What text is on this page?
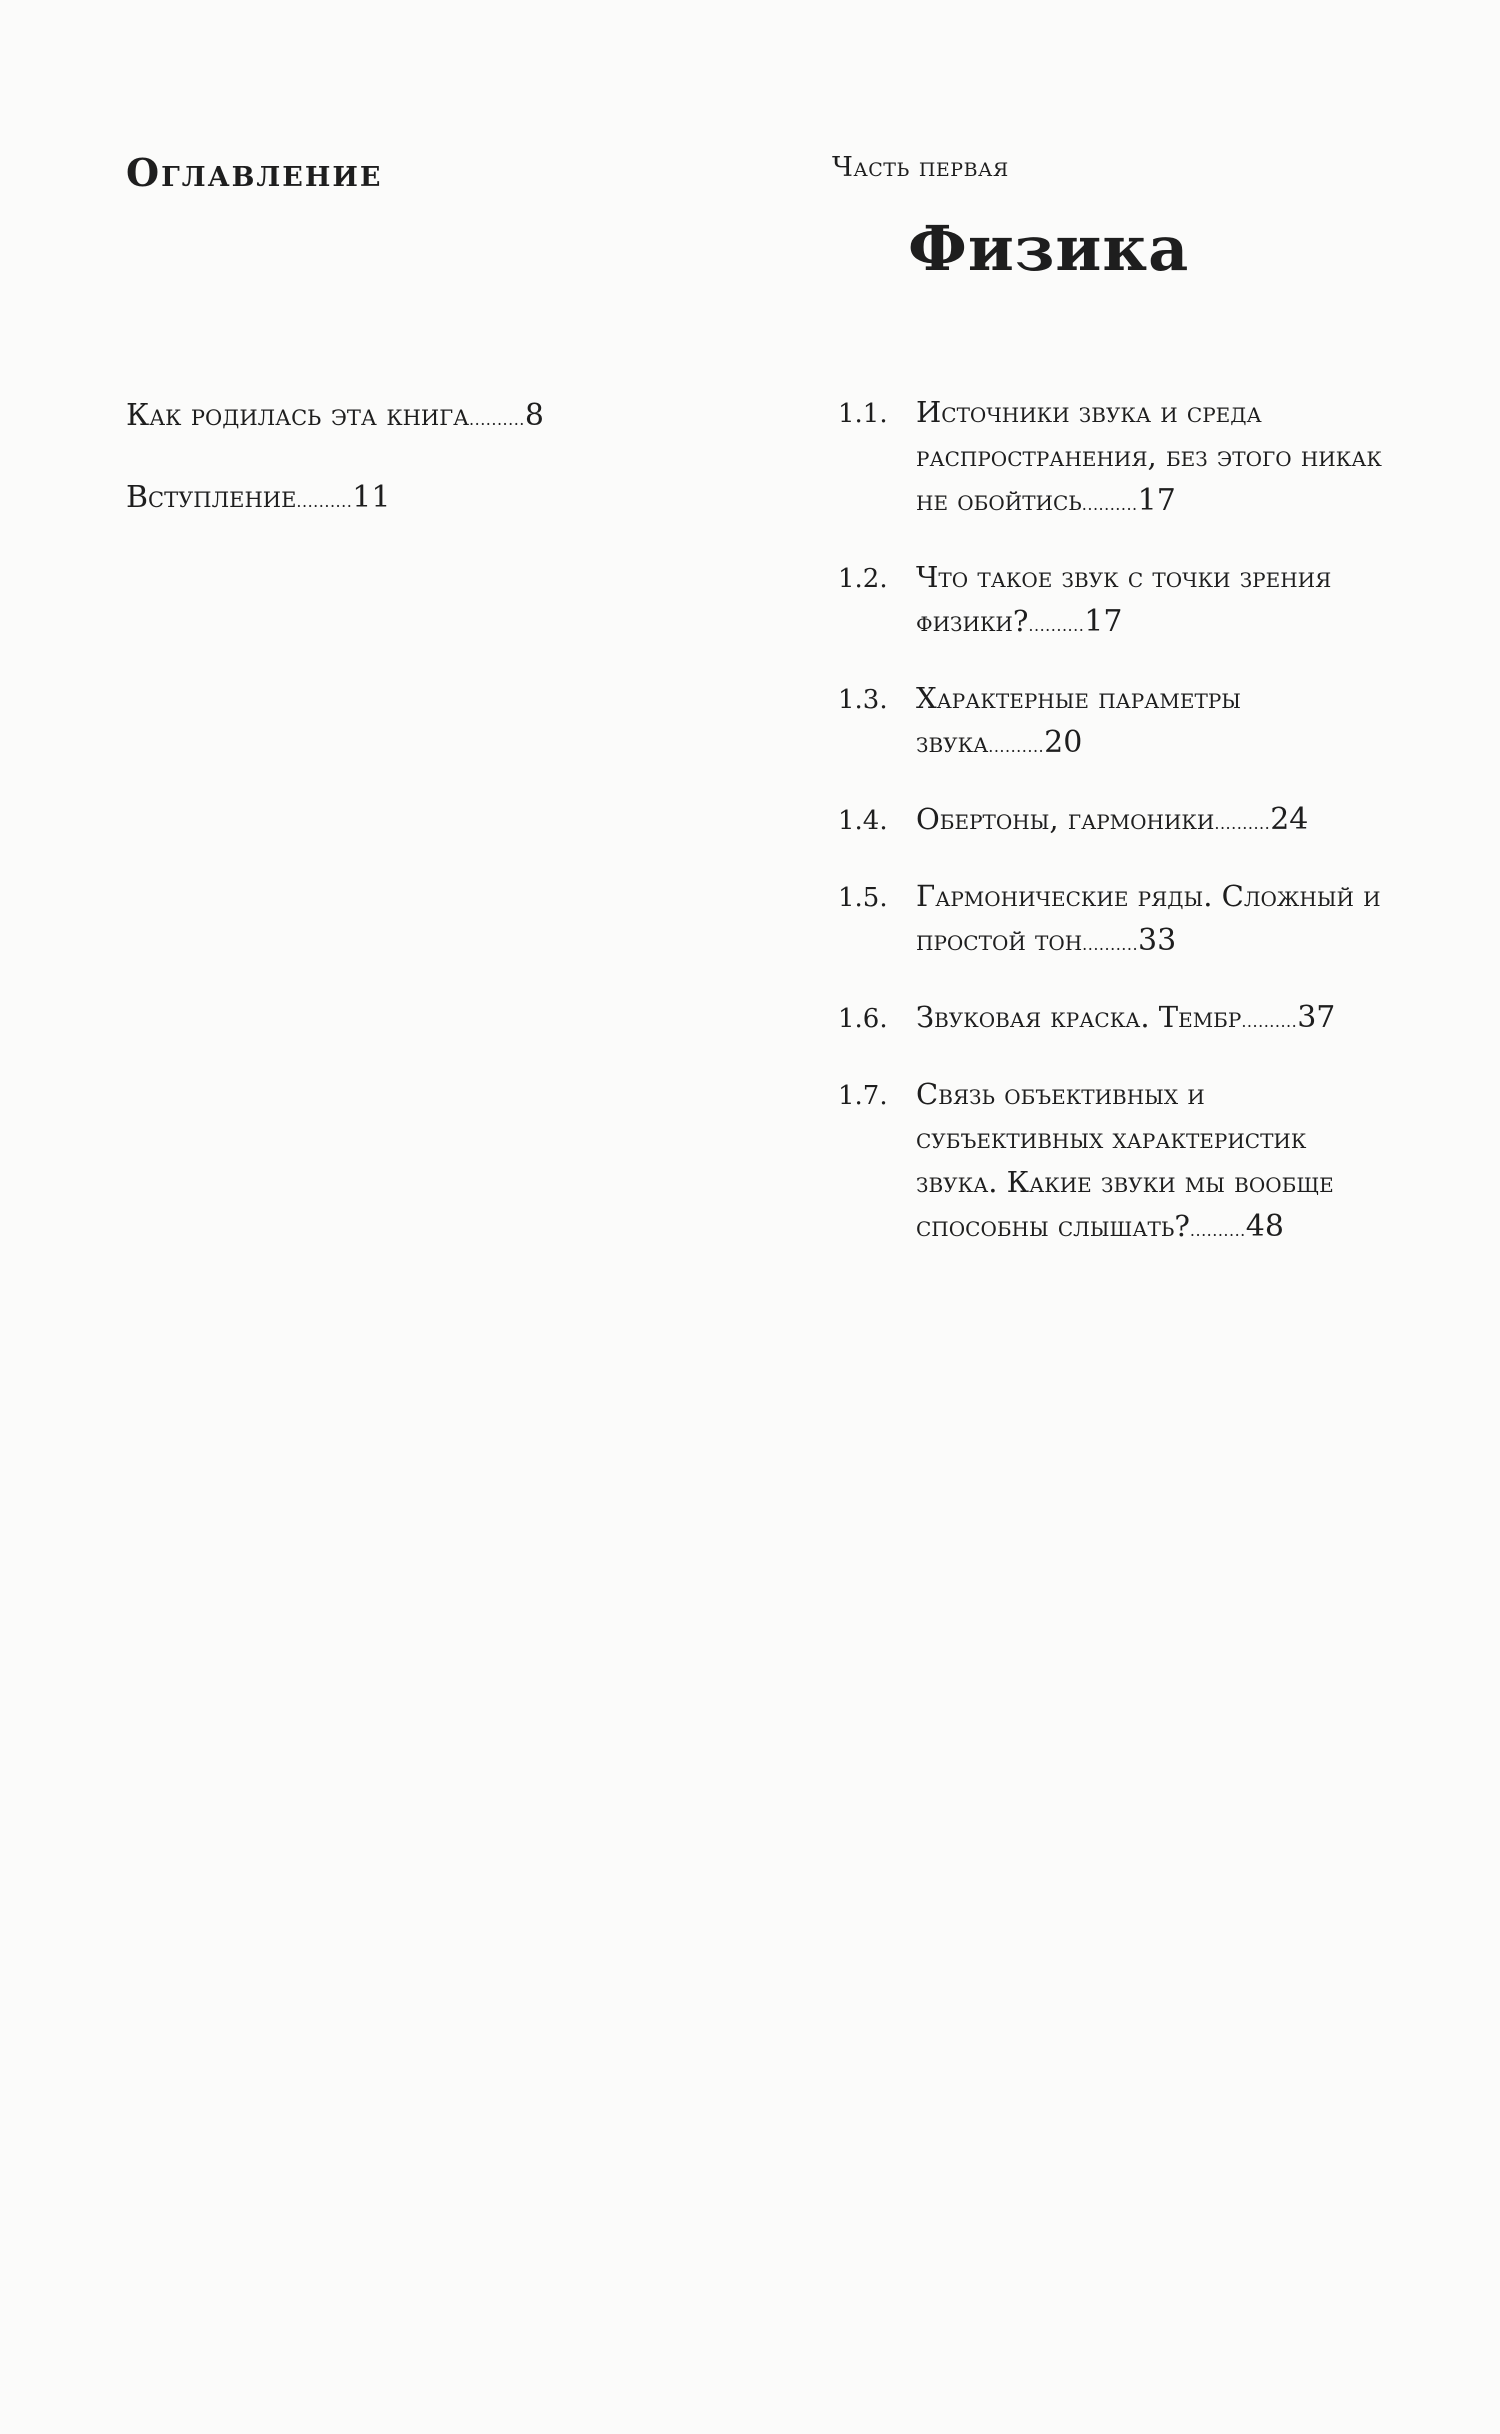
Оглавление
Как родилась эта книга..........8
Вступление..........11
Часть первая
Физика
1.1. Источники звука и среда распространения, без этого никак не обойтись..........17
1.2. Что такое звук с точки зрения физики?..........17
1.3. Характерные параметры звука..........20
1.4. Обертоны, гармоники..........24
1.5. Гармонические ряды. Сложный и простой тон..........33
1.6. Звуковая краска. Тембр..........37
1.7. Связь объективных и субъективных характеристик звука. Какие звуки мы вообще способны слышать?..........48
